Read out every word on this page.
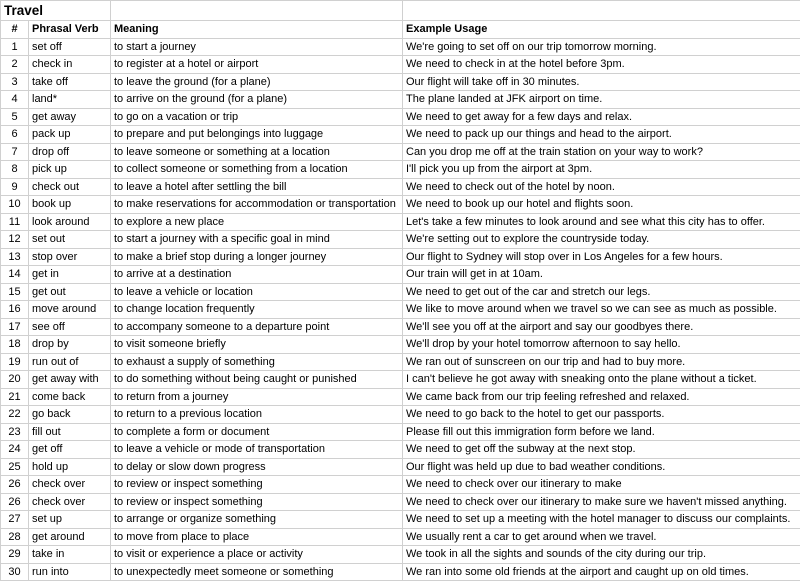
Travel			
#	Phrasal Verb	Meaning	Example Usage
1	set off	to start a journey	We're going to set off on our trip tomorrow morning.
2	check in	to register at a hotel or airport	We need to check in at the hotel before 3pm.
3	take off	to leave the ground (for a plane)	Our flight will take off in 30 minutes.
4	land*	to arrive on the ground (for a plane)	The plane landed at JFK airport on time.
5	get away	to go on a vacation or trip	We need to get away for a few days and relax.
6	pack up	to prepare and put belongings into luggage	We need to pack up our things and head to the airport.
7	drop off	to leave someone or something at a location	Can you drop me off at the train station on your way to work?
8	pick up	to collect someone or something from a location	I'll pick you up from the airport at 3pm.
9	check out	to leave a hotel after settling the bill	We need to check out of the hotel by noon.
10	book up	to make reservations for accommodation or transportation	We need to book up our hotel and flights soon.
11	look around	to explore a new place	Let's take a few minutes to look around and see what this city has to offer.
12	set out	to start a journey with a specific goal in mind	We're setting out to explore the countryside today.
13	stop over	to make a brief stop during a longer journey	Our flight to Sydney will stop over in Los Angeles for a few hours.
14	get in	to arrive at a destination	Our train will get in at 10am.
15	get out	to leave a vehicle or location	We need to get out of the car and stretch our legs.
16	move around	to change location frequently	We like to move around when we travel so we can see as much as possible.
17	see off	to accompany someone to a departure point	We'll see you off at the airport and say our goodbyes there.
18	drop by	to visit someone briefly	We'll drop by your hotel tomorrow afternoon to say hello.
19	run out of	to exhaust a supply of something	We ran out of sunscreen on our trip and had to buy more.
20	get away with	to do something without being caught or punished	I can't believe he got away with sneaking onto the plane without a ticket.
21	come back	to return from a journey	We came back from our trip feeling refreshed and relaxed.
22	go back	to return to a previous location	We need to go back to the hotel to get our passports.
23	fill out	to complete a form or document	Please fill out this immigration form before we land.
24	get off	to leave a vehicle or mode of transportation	We need to get off the subway at the next stop.
25	hold up	to delay or slow down progress	Our flight was held up due to bad weather conditions.
26	check over	to review or inspect something	We need to check over our itinerary to make
26	check over	to review or inspect something	We need to check over our itinerary to make sure we haven't missed anything.
27	set up	to arrange or organize something	We need to set up a meeting with the hotel manager to discuss our complaints.
28	get around	to move from place to place	We usually rent a car to get around when we travel.
29	take in	to visit or experience a place or activity	We took in all the sights and sounds of the city during our trip.
30	run into	to unexpectedly meet someone or something	We ran into some old friends at the airport and caught up on old times.
